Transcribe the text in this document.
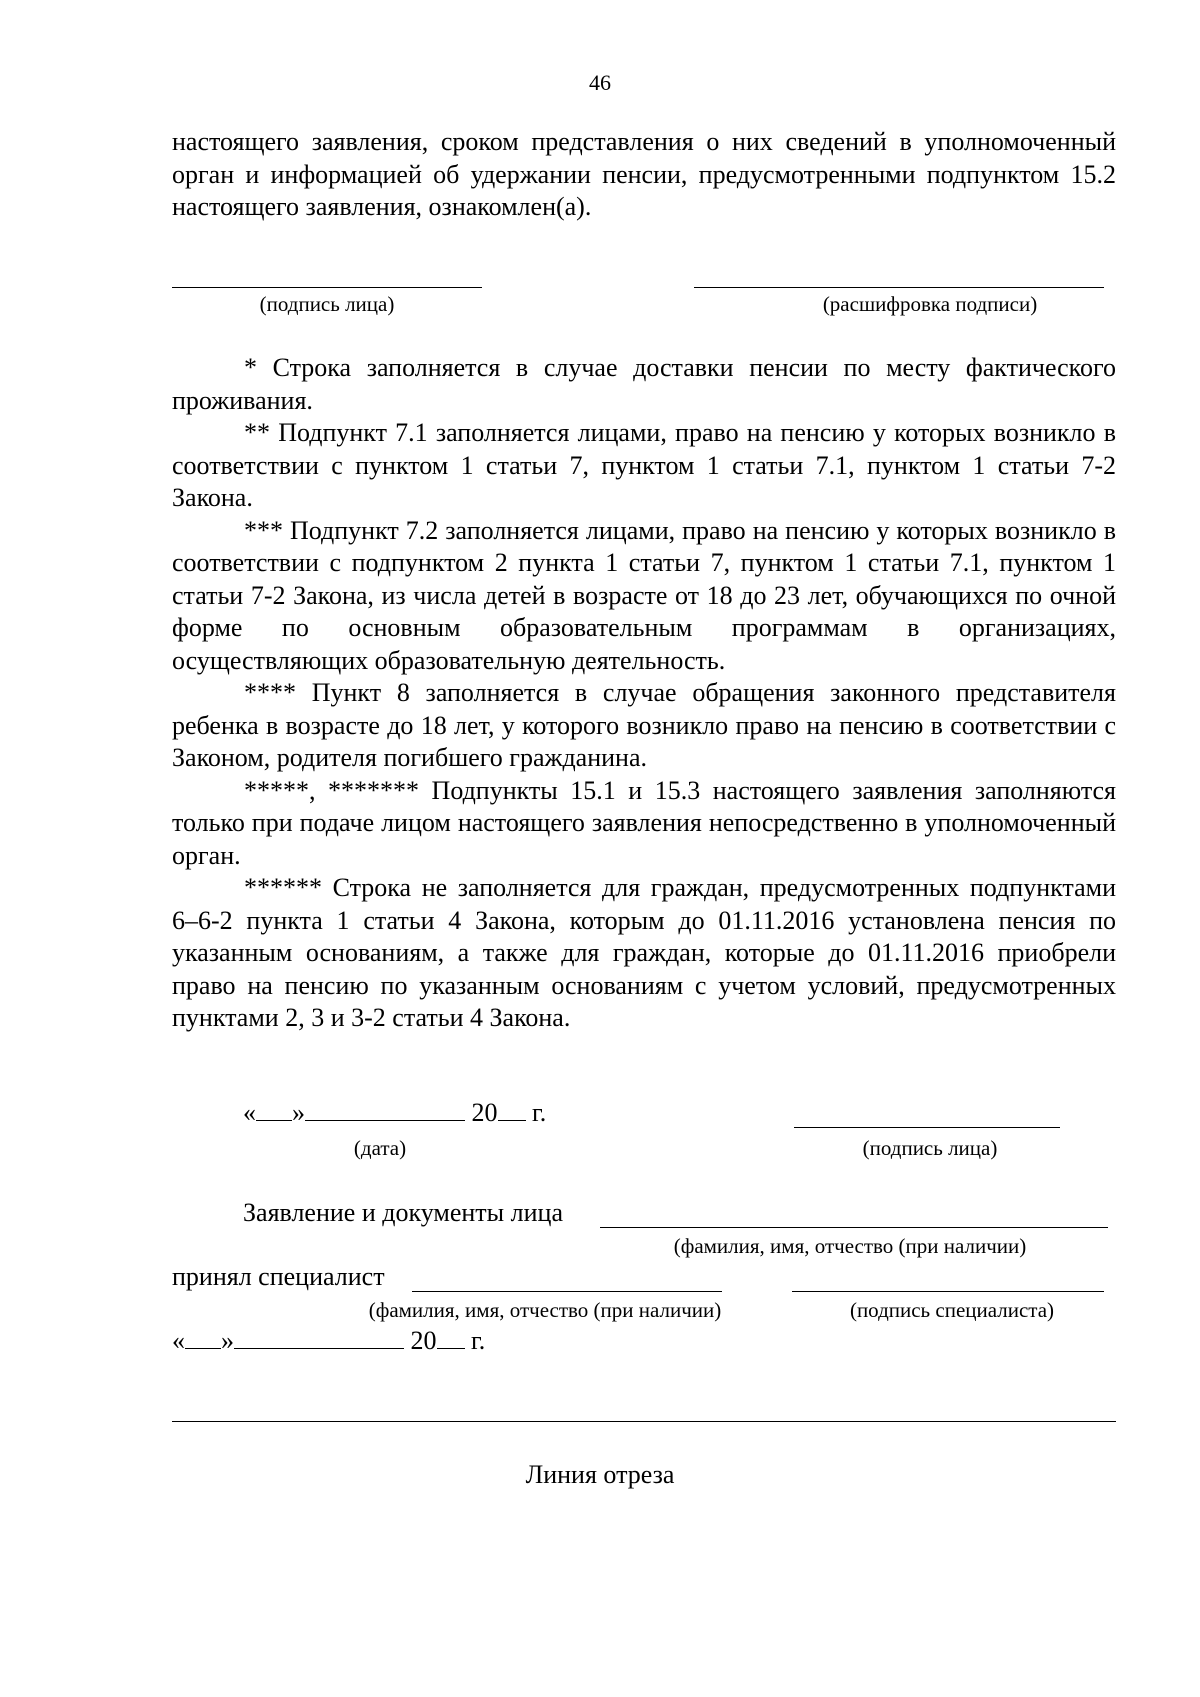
46

настоящего заявления, сроком представления о них сведений в уполномоченный орган и информацией об удержании пенсии, предусмотренными подпунктом 15.2 настоящего заявления, ознакомлен(а).

(подпись лица)	(расшифровка подписи)

* Строка заполняется в случае доставки пенсии по месту фактического проживания.

** Подпункт 7.1 заполняется лицами, право на пенсию у которых возникло в соответствии с пунктом 1 статьи 7, пунктом 1 статьи 7.1, пунктом 1 статьи 7-2 Закона.

*** Подпункт 7.2 заполняется лицами, право на пенсию у которых возникло в соответствии с подпунктом 2 пункта 1 статьи 7, пунктом 1 статьи 7.1, пунктом 1 статьи 7-2 Закона, из числа детей в возрасте от 18 до 23 лет, обучающихся по очной форме по основным образовательным программам в организациях, осуществляющих образовательную деятельность.

**** Пункт 8 заполняется в случае обращения законного представителя ребенка в возрасте до 18 лет, у которого возникло право на пенсию в соответствии с Законом, родителя погибшего гражданина.

*****, ******* Подпункты 15.1 и 15.3 настоящего заявления заполняются только при подаче лицом настоящего заявления непосредственно в уполномоченный орган.

****** Строка не заполняется для граждан, предусмотренных подпунктами 6–6-2 пункта 1 статьи 4 Закона, которым до 01.11.2016 установлена пенсия по указанным основаниям, а также для граждан, которые до 01.11.2016 приобрели право на пенсию по указанным основаниям с учетом условий, предусмотренных пунктами 2, 3 и 3-2 статьи 4 Закона.

« »	20 г.
(дата)	(подпись лица)
Заявление и документы лица
(фамилия, имя, отчество (при наличии)
принял специалист
(фамилия, имя, отчество (при наличии)	(подпись специалиста)
« »	20 г.
Линия отреза
